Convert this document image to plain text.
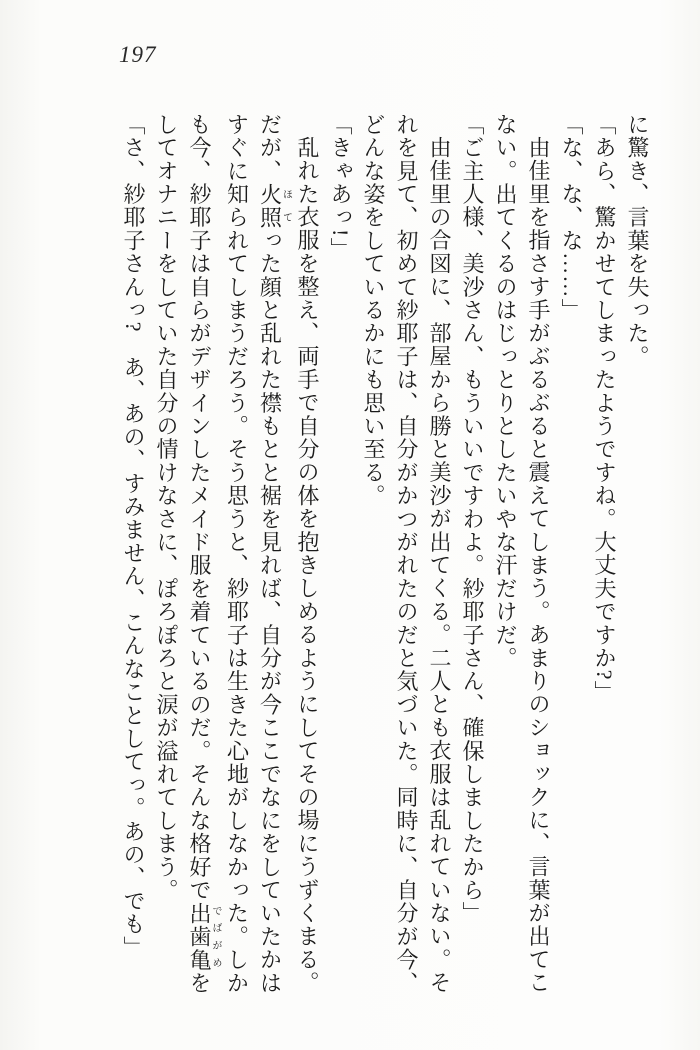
197
に驚き、言葉を失った。
「あら、驚かせてしまったようですね。大丈夫ですか?」
「な、な、な……」
由佳里を指さす手がぶるぶると震えてしまう。あまりのショックに、言葉が出てこ
ない。出てくるのはじっとりとしたいやな汗だけだ。
「ご主人様、美沙さん、もういいですわよ。紗耶子さん、確保しましたから」
由佳里の合図に、部屋から勝と美沙が出てくる。二人とも衣服は乱れていない。そ
れを見て、初めて紗耶子は、自分がかつがれたのだと気づいた。同時に、自分が今、
どんな姿をしているかにも思い至る。
「きゃあっ!」
乱れた衣服を整え、両手で自分の体を抱きしめるようにしてその場にうずくまる。
だが、火照ほてった顔と乱れた襟もとと裾を見れば、自分が今ここでなにをしていたかは
すぐに知られてしまうだろう。そう思うと、紗耶子は生きた心地がしなかった。しか
も今、紗耶子は自らがデザインしたメイド服を着ているのだ。そんな格好で出歯亀でばがめを
してオナニーをしていた自分の情けなさに、ぽろぽろと涙が溢れてしまう。
「さ、紗耶子さんっ?　あ、あの、すみません、こんなことしてっ。あの、でも」
